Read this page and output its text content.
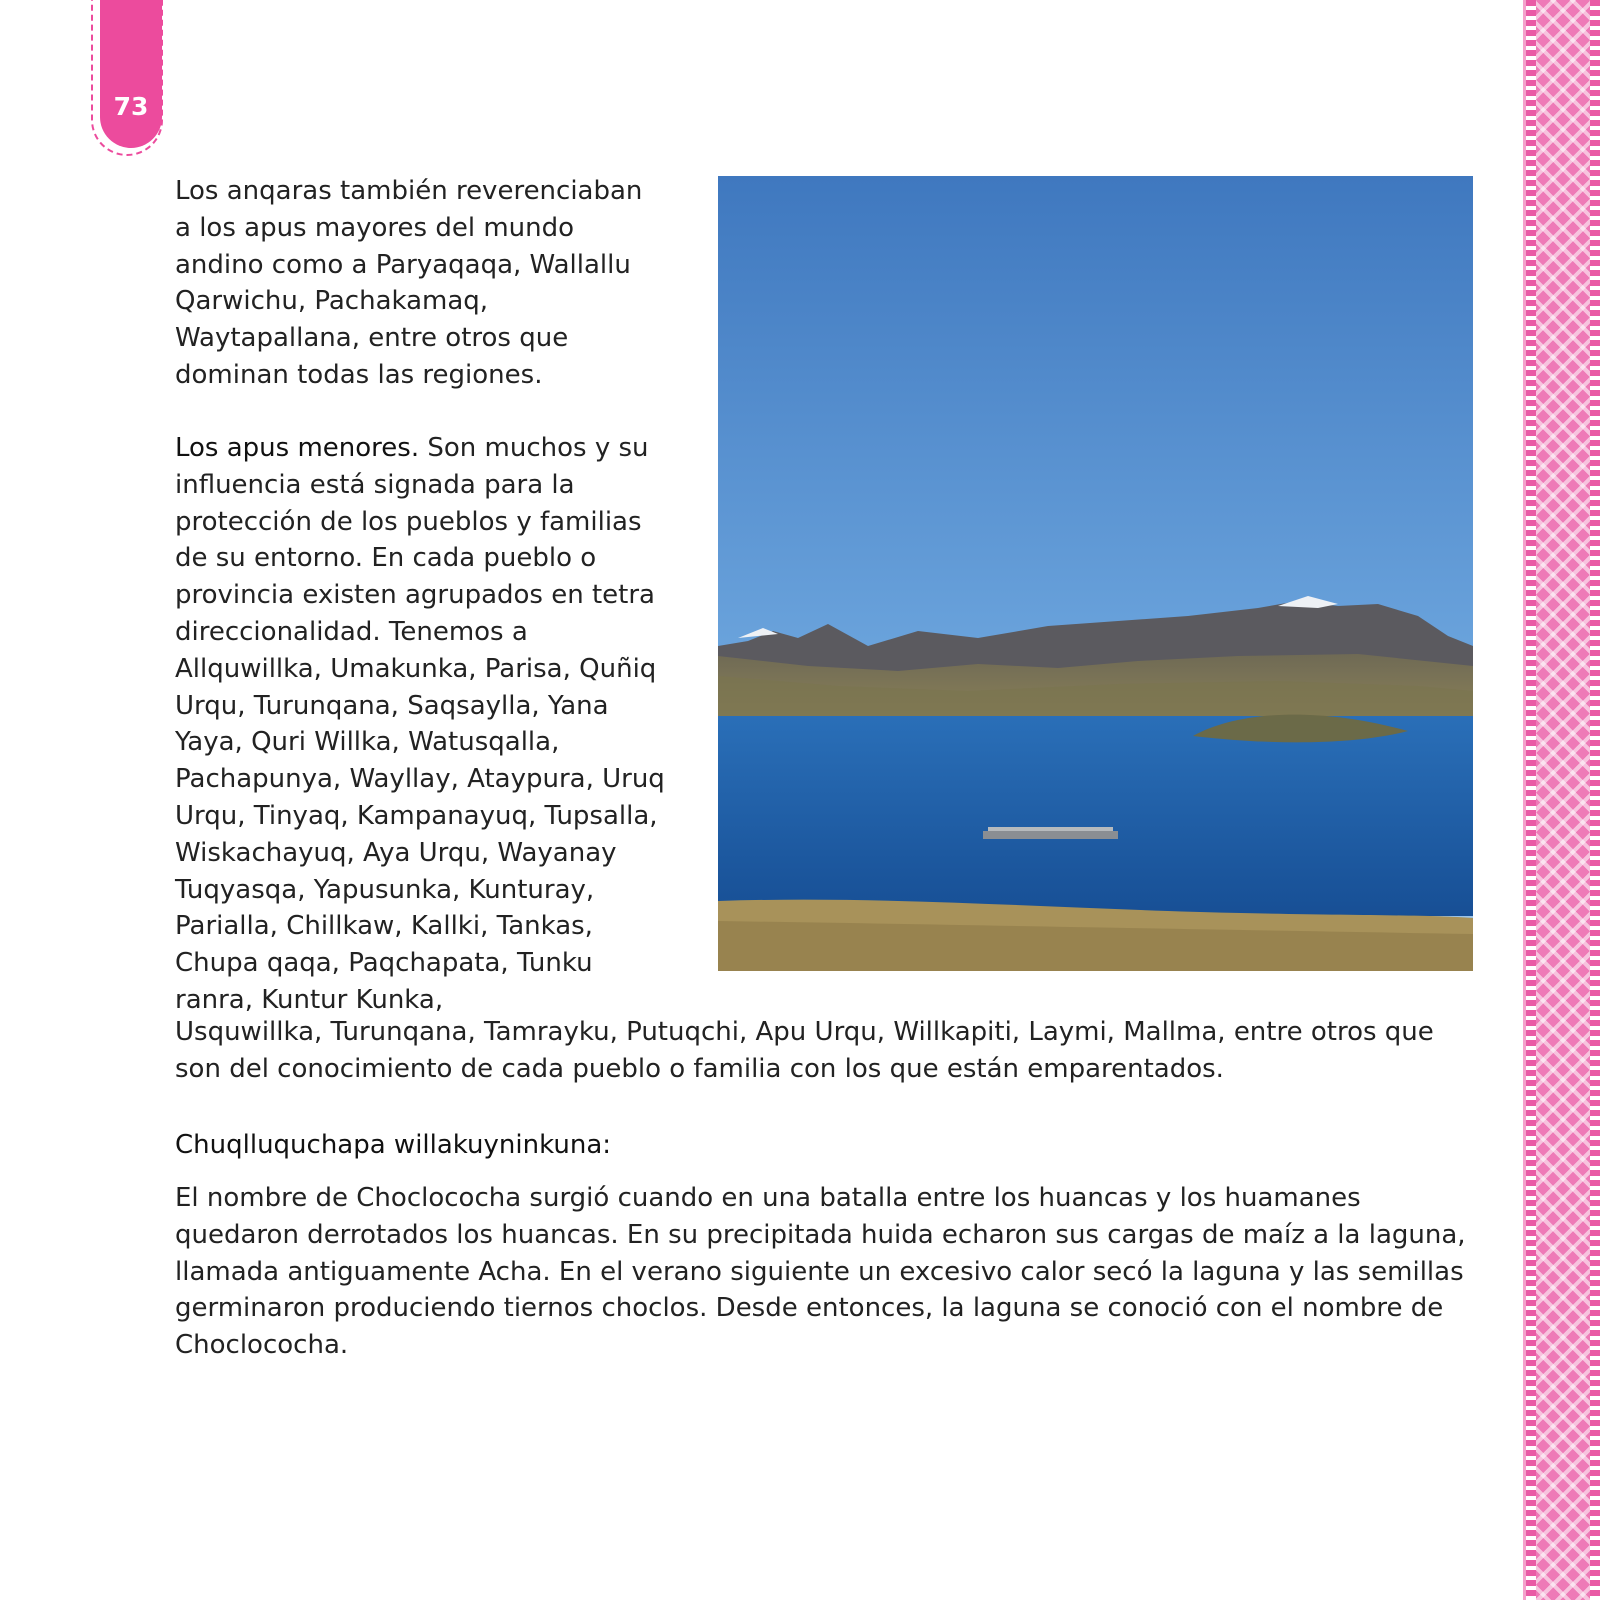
73
Los anqaras también reverenciaban a los apus mayores del mundo andino como a Paryaqaqa, Wallallu Qarwichu, Pachakamaq, Waytapallana, entre otros que dominan todas las regiones.
Los apus menores. Son muchos y su influencia está signada para la protección de los pueblos y familias de su entorno. En cada pueblo o provincia existen agrupados en tetra direccionalidad. Tenemos a Allquwillka, Umakunka, Parisa, Quñiq Urqu, Turunqana, Saqsaylla, Yana Yaya, Quri Willka, Watusqalla, Pachapunya, Wayllay, Ataypura, Uruq Urqu, Tinyaq, Kampanayuq, Tupsalla, Wiskachayuq, Aya Urqu, Wayanay Tuqyasqa, Yapusunka, Kunturay, Parialla, Chillkaw, Kallki, Tankas, Chupa qaqa, Paqchapata, Tunku ranra, Kuntur Kunka,
Usquwillka, Turunqana, Tamrayku, Putuqchi, Apu Urqu, Willkapiti, Laymi, Mallma, entre otros que son del conocimiento de cada pueblo o familia con los que están emparentados.
Chuqlluquchapa willakuyninkuna:
El nombre de Choclococha surgió cuando en una batalla entre los huancas y los huamanes quedaron derrotados los huancas. En su precipitada huida echaron sus cargas de maíz a la laguna, llamada antiguamente Acha. En el verano siguiente un excesivo calor secó la laguna y las semillas germinaron produciendo tiernos choclos. Desde entonces, la laguna se conoció con el nombre de Choclococha.
